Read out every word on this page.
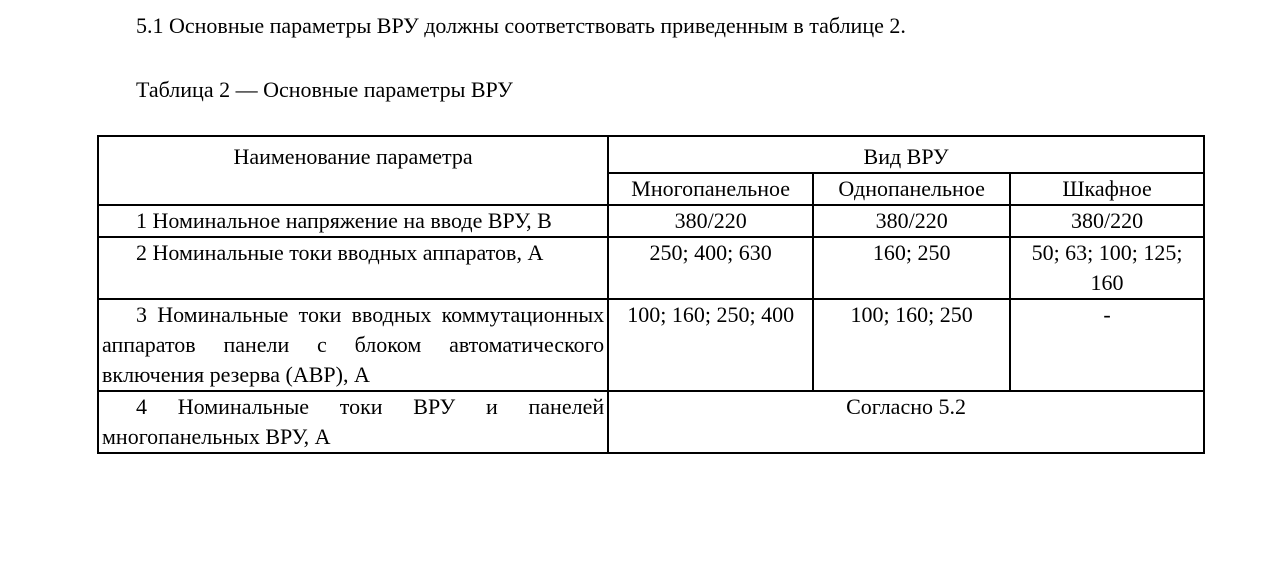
5.1 Основные параметры ВРУ должны соответствовать приведенным в таблице 2.
Таблица 2 — Основные параметры ВРУ
Наименование параметра	Вид ВРУ		
	Многопанельное	Однопанельное	Шкафное
1 Номинальное напряжение на вводе ВРУ, В	380/220	380/220	380/220
2 Номинальные токи вводных аппаратов, А	250; 400; 630	160; 250	50; 63; 100; 125; 160
3 Номинальные токи вводных коммутационных аппаратов панели с блоком автоматического включения резерва (АВР), А	100; 160; 250; 400	100; 160; 250	-
4 Номинальные токи ВРУ и панелей многопанельных ВРУ, А	Согласно 5.2		
